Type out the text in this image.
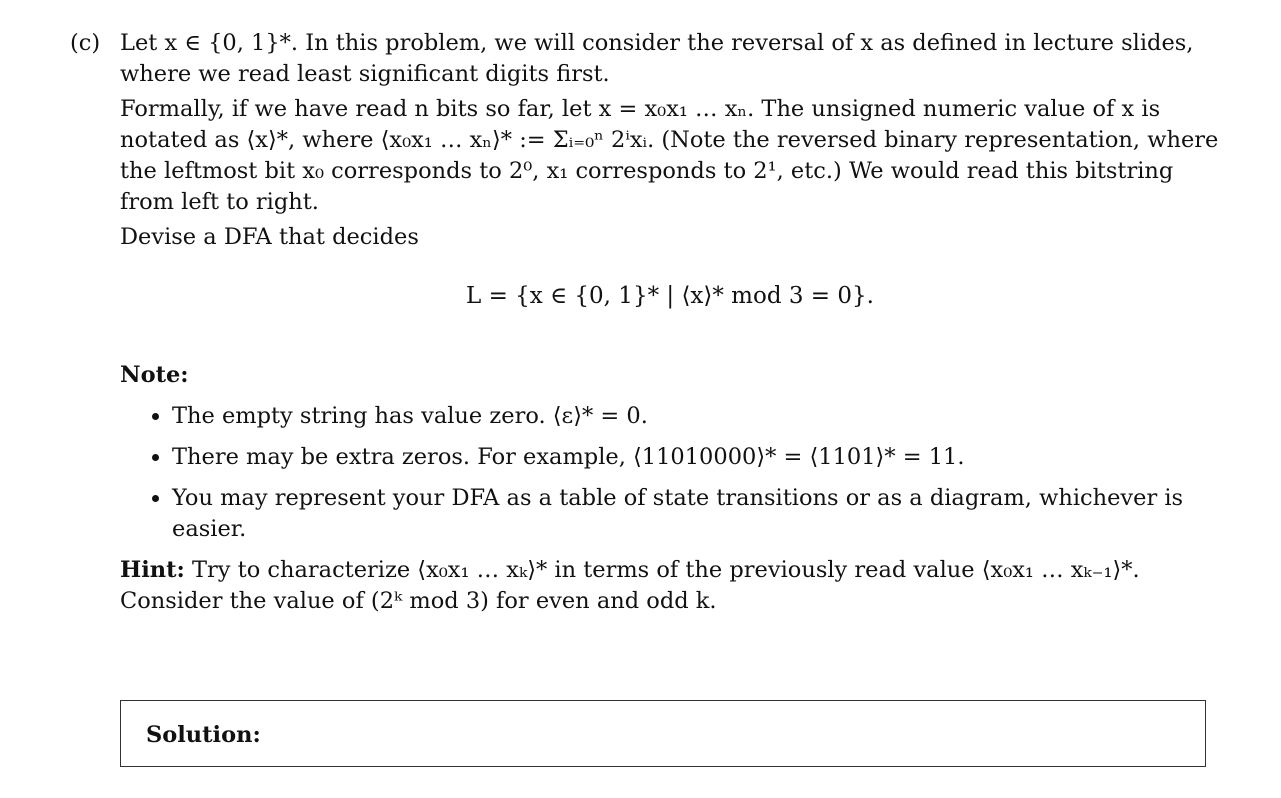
(c) Let x ∈ {0, 1}*. In this problem, we will consider the reversal of x as defined in lecture slides, where we read least significant digits first.

Formally, if we have read n bits so far, let x = x₀x₁ … xₙ. The unsigned numeric value of x is notated as ⟨x⟩*, where ⟨x₀x₁ … xₙ⟩* := Σᵢ₌₀ⁿ 2ⁱxᵢ. (Note the reversed binary representation, where the leftmost bit x₀ corresponds to 2⁰, x₁ corresponds to 2¹, etc.) We would read this bitstring from left to right.

Devise a DFA that decides

L = {x ∈ {0, 1}* | ⟨x⟩* mod 3 = 0}.

Note:

• The empty string has value zero. ⟨ε⟩* = 0.
• There may be extra zeros. For example, ⟨11010000⟩* = ⟨1101⟩* = 11.
• You may represent your DFA as a table of state transitions or as a diagram, whichever is easier.

Hint: Try to characterize ⟨x₀x₁ … xₖ⟩* in terms of the previously read value ⟨x₀x₁ … xₖ₋₁⟩*. Consider the value of (2ᵏ mod 3) for even and odd k.

Solution:
